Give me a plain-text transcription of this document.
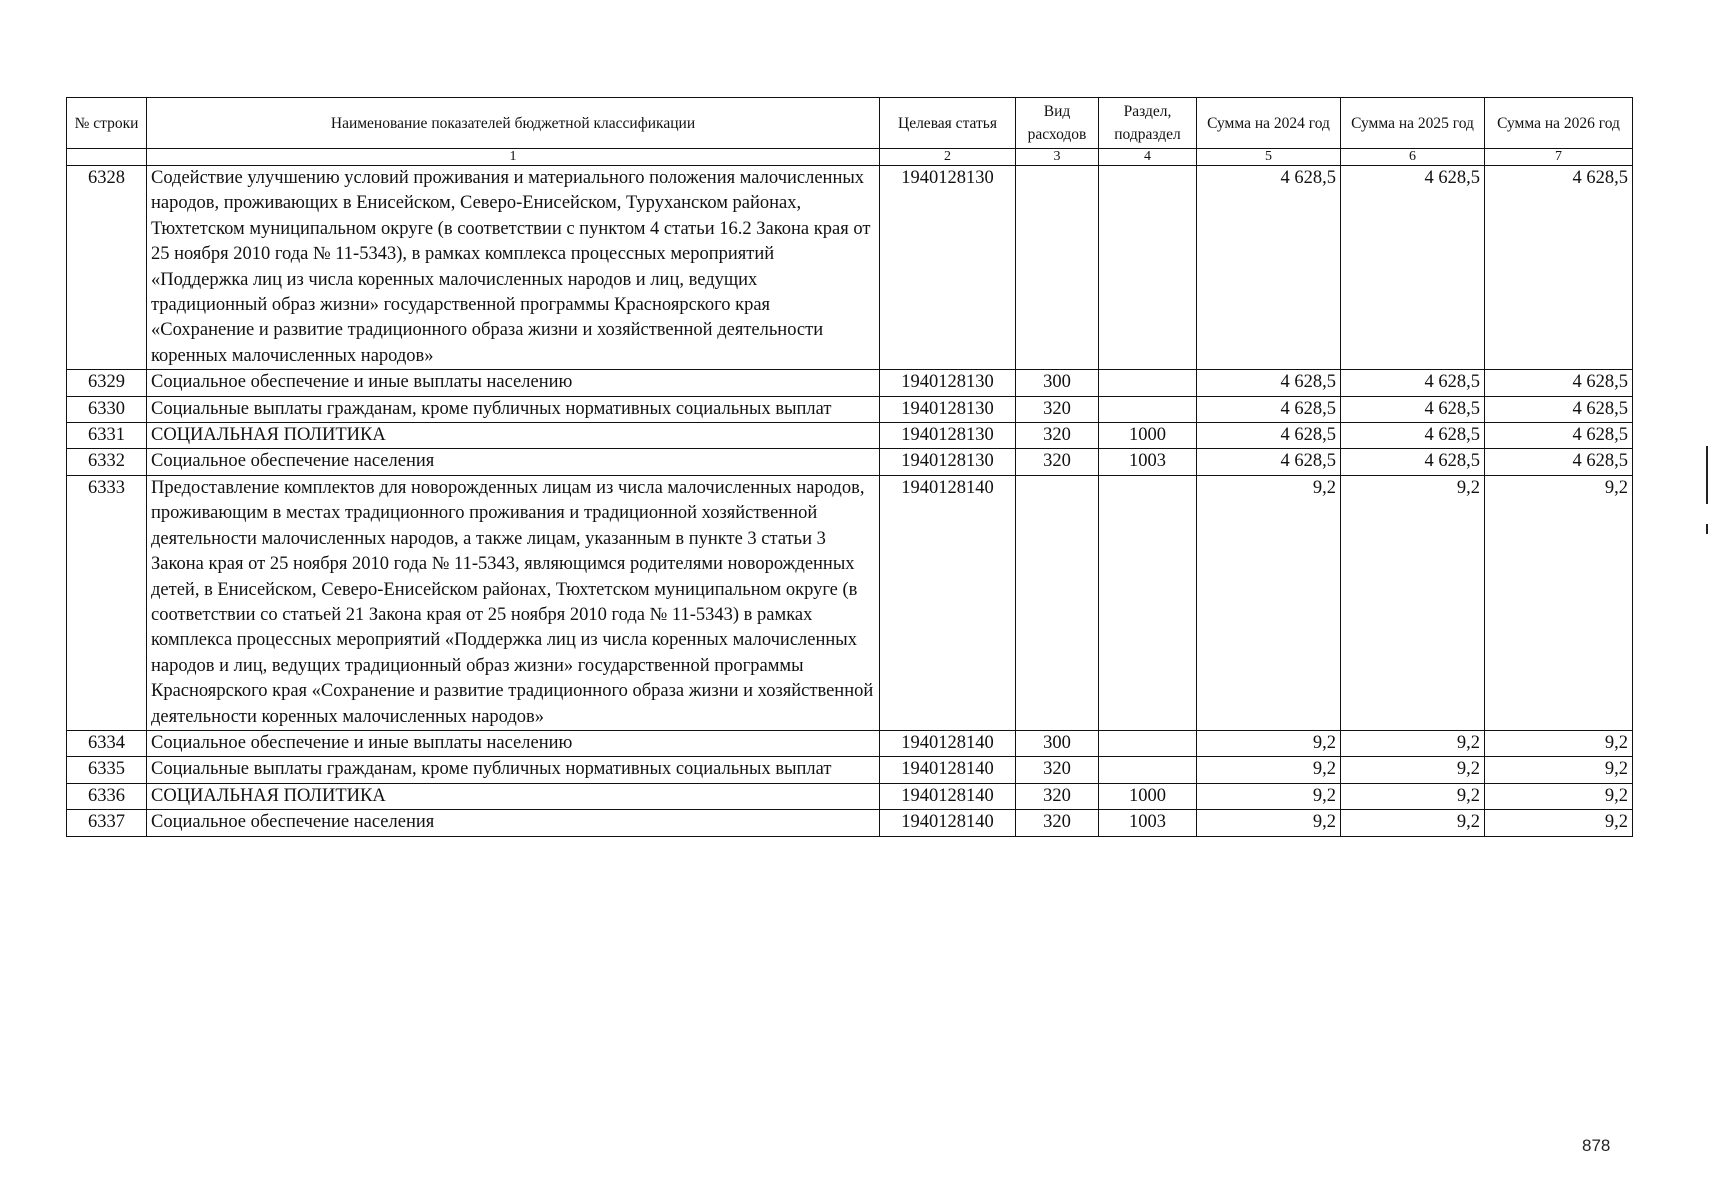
№ строки	Наименование показателей бюджетной классификации	Целевая статья	Вид расходов	Раздел, подраздел	Сумма на 2024 год	Сумма на 2025 год	Сумма на 2026 год
	1	2	3	4	5	6	7
6328	Содействие улучшению условий проживания и материального положения малочисленных народов, проживающих в Енисейском, Северо-Енисейском, Туруханском районах, Тюхтетском муниципальном округе (в соответствии с пунктом 4 статьи 16.2 Закона края от 25 ноября 2010 года № 11-5343), в рамках комплекса процессных мероприятий «Поддержка лиц из числа коренных малочисленных народов и лиц, ведущих традиционный образ жизни» государственной программы Красноярского края «Сохранение и развитие традиционного образа жизни и хозяйственной деятельности коренных малочисленных народов»	1940128130			4 628,5	4 628,5	4 628,5
6329	Социальное обеспечение и иные выплаты населению	1940128130	300		4 628,5	4 628,5	4 628,5
6330	Социальные выплаты гражданам, кроме публичных нормативных социальных выплат	1940128130	320		4 628,5	4 628,5	4 628,5
6331	СОЦИАЛЬНАЯ ПОЛИТИКА	1940128130	320	1000	4 628,5	4 628,5	4 628,5
6332	Социальное обеспечение населения	1940128130	320	1003	4 628,5	4 628,5	4 628,5
6333	Предоставление комплектов для новорожденных лицам из числа малочисленных народов, проживающим в местах традиционного проживания и традиционной хозяйственной деятельности малочисленных народов, а также лицам, указанным в пункте 3 статьи 3 Закона края от 25 ноября 2010 года № 11-5343, являющимся родителями новорожденных детей, в Енисейском, Северо-Енисейском районах, Тюхтетском муниципальном округе (в соответствии со статьей 21 Закона края от 25 ноября 2010 года № 11-5343) в рамках комплекса процессных мероприятий «Поддержка лиц из числа коренных малочисленных народов и лиц, ведущих традиционный образ жизни» государственной программы Красноярского края «Сохранение и развитие традиционного образа жизни и хозяйственной деятельности коренных малочисленных народов»	1940128140			9,2	9,2	9,2
6334	Социальное обеспечение и иные выплаты населению	1940128140	300		9,2	9,2	9,2
6335	Социальные выплаты гражданам, кроме публичных нормативных социальных выплат	1940128140	320		9,2	9,2	9,2
6336	СОЦИАЛЬНАЯ ПОЛИТИКА	1940128140	320	1000	9,2	9,2	9,2
6337	Социальное обеспечение населения	1940128140	320	1003	9,2	9,2	9,2
878
